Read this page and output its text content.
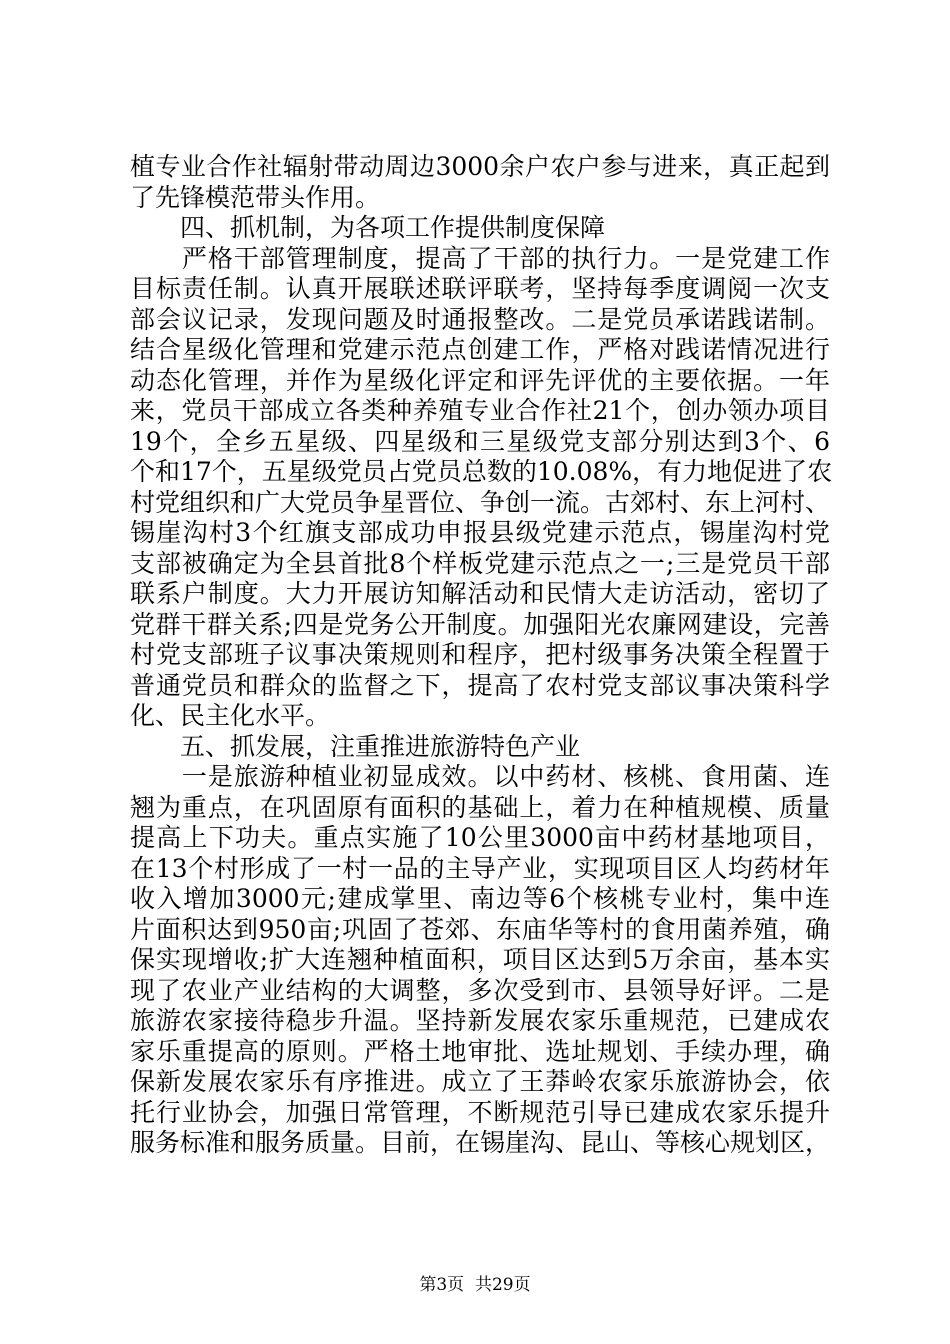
植专业合作社辐射带动周边3000余户农户参与进来，真正起到
了先锋模范带头作用。
　　四、抓机制，为各项工作提供制度保障
　　严格干部管理制度，提高了干部的执行力。一是党建工作
目标责任制。认真开展联述联评联考，坚持每季度调阅一次支
部会议记录，发现问题及时通报整改。二是党员承诺践诺制。
结合星级化管理和党建示范点创建工作，严格对践诺情况进行
动态化管理，并作为星级化评定和评先评优的主要依据。一年
来，党员干部成立各类种养殖专业合作社21个，创办领办项目
19个，全乡五星级、四星级和三星级党支部分别达到3个、6
个和17个，五星级党员占党员总数的10.08%，有力地促进了农
村党组织和广大党员争星晋位、争创一流。古郊村、东上河村、
锡崖沟村3个红旗支部成功申报县级党建示范点，锡崖沟村党
支部被确定为全县首批8个样板党建示范点之一;三是党员干部
联系户制度。大力开展访知解活动和民情大走访活动，密切了
党群干群关系;四是党务公开制度。加强阳光农廉网建设，完善
村党支部班子议事决策规则和程序，把村级事务决策全程置于
普通党员和群众的监督之下，提高了农村党支部议事决策科学
化、民主化水平。
　　五、抓发展，注重推进旅游特色产业
　　一是旅游种植业初显成效。以中药材、核桃、食用菌、连
翘为重点，在巩固原有面积的基础上，着力在种植规模、质量
提高上下功夫。重点实施了10公里3000亩中药材基地项目，
在13个村形成了一村一品的主导产业，实现项目区人均药材年
收入增加3000元;建成掌里、南边等6个核桃专业村，集中连
片面积达到950亩;巩固了苍郊、东庙华等村的食用菌养殖，确
保实现增收;扩大连翘种植面积，项目区达到5万余亩，基本实
现了农业产业结构的大调整，多次受到市、县领导好评。二是
旅游农家接待稳步升温。坚持新发展农家乐重规范，已建成农
家乐重提高的原则。严格土地审批、选址规划、手续办理，确
保新发展农家乐有序推进。成立了王莽岭农家乐旅游协会，依
托行业协会，加强日常管理，不断规范引导已建成农家乐提升
服务标准和服务质量。目前，在锡崖沟、昆山、等核心规划区，
第3页  共29页
